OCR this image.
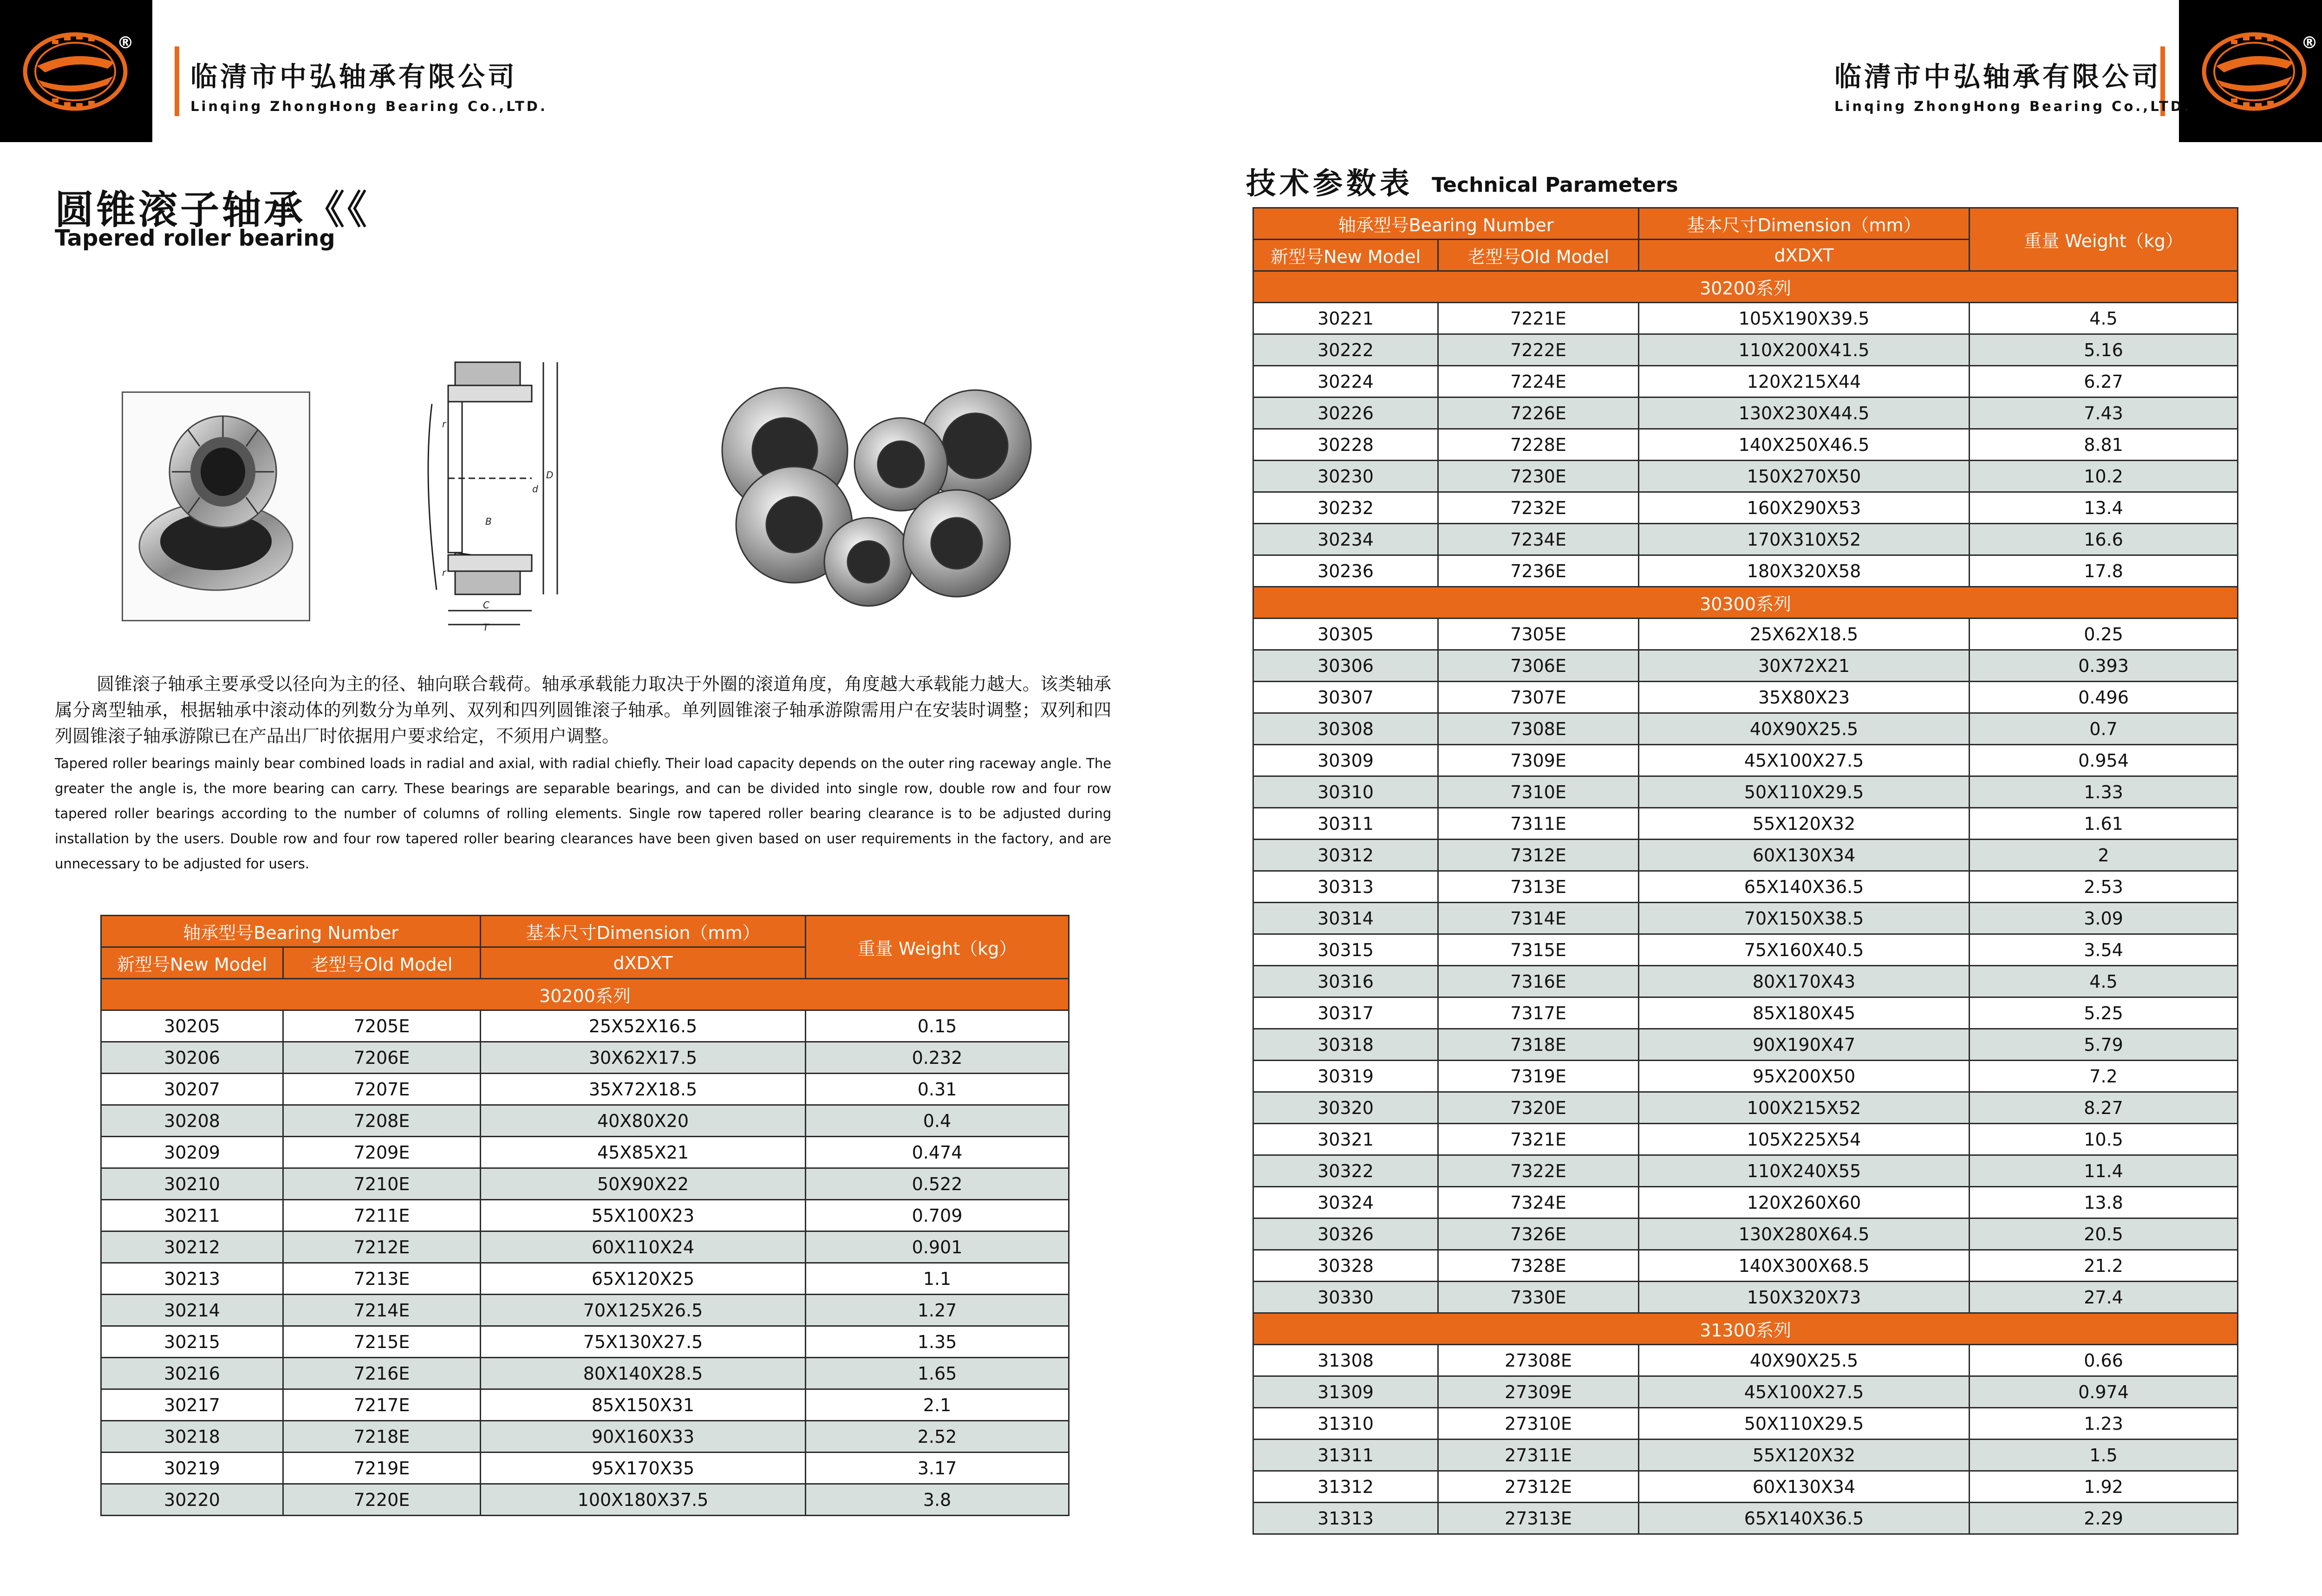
®
临清市中弘轴承有限公司
Linqing ZhongHong Bearing Co.,LTD.
®
临清市中弘轴承有限公司
Linqing ZhongHong Bearing Co.,LTD.
圆锥滚子轴承《《
Tapered roller bearing
B
C
T
D
d
r
r

圆锥滚子轴承主要承受以径向为主的径、轴向联合载荷。轴承承载能力取决于外圈的滚道角度，角度越大承载能力越大。该类轴承属分离型轴承，根据轴承中滚动体的列数分为单列、双列和四列圆锥滚子轴承。单列圆锥滚子轴承游隙需用户在安装时调整；双列和四列圆锥滚子轴承游隙已在产品出厂时依据用户要求给定，不须用户调整。

Tapered roller bearings mainly bear combined loads in radial and axial, with radial chiefly. Their load capacity depends on the outer ring raceway angle. The greater the angle is, the more bearing can carry. These bearings are separable bearings, and can be divided into single row, double row and four row tapered roller bearings according to the number of columns of rolling elements. Single row tapered roller bearing clearance is to be adjusted during installation by the users. Double row and four row tapered roller bearing clearances have been given based on user requirements in the factory, and are unnecessary to be adjusted for users.

技术参数表 Technical Parameters
轴承型号Bearing Number		基本尺寸Dimension（mm）	重量 Weight（kg）
新型号New Model	老型号Old Model	dXDXT	
30200系列			
30205	7205E	25X52X16.5	0.15
30206	7206E	30X62X17.5	0.232
30207	7207E	35X72X18.5	0.31
30208	7208E	40X80X20	0.4
30209	7209E	45X85X21	0.474
30210	7210E	50X90X22	0.522
30211	7211E	55X100X23	0.709
30212	7212E	60X110X24	0.901
30213	7213E	65X120X25	1.1
30214	7214E	70X125X26.5	1.27
30215	7215E	75X130X27.5	1.35
30216	7216E	80X140X28.5	1.65
30217	7217E	85X150X31	2.1
30218	7218E	90X160X33	2.52
30219	7219E	95X170X35	3.17
30220	7220E	100X180X37.5	3.8
轴承型号Bearing Number		基本尺寸Dimension（mm）	重量 Weight（kg）
新型号New Model	老型号Old Model	dXDXT	
30200系列			
30221	7221E	105X190X39.5	4.5
30222	7222E	110X200X41.5	5.16
30224	7224E	120X215X44	6.27
30226	7226E	130X230X44.5	7.43
30228	7228E	140X250X46.5	8.81
30230	7230E	150X270X50	10.2
30232	7232E	160X290X53	13.4
30234	7234E	170X310X52	16.6
30236	7236E	180X320X58	17.8
30300系列			
30305	7305E	25X62X18.5	0.25
30306	7306E	30X72X21	0.393
30307	7307E	35X80X23	0.496
30308	7308E	40X90X25.5	0.7
30309	7309E	45X100X27.5	0.954
30310	7310E	50X110X29.5	1.33
30311	7311E	55X120X32	1.61
30312	7312E	60X130X34	2
30313	7313E	65X140X36.5	2.53
30314	7314E	70X150X38.5	3.09
30315	7315E	75X160X40.5	3.54
30316	7316E	80X170X43	4.5
30317	7317E	85X180X45	5.25
30318	7318E	90X190X47	5.79
30319	7319E	95X200X50	7.2
30320	7320E	100X215X52	8.27
30321	7321E	105X225X54	10.5
30322	7322E	110X240X55	11.4
30324	7324E	120X260X60	13.8
30326	7326E	130X280X64.5	20.5
30328	7328E	140X300X68.5	21.2
30330	7330E	150X320X73	27.4
31300系列			
31308	27308E	40X90X25.5	0.66
31309	27309E	45X100X27.5	0.974
31310	27310E	50X110X29.5	1.23
31311	27311E	55X120X32	1.5
31312	27312E	60X130X34	1.92
31313	27313E	65X140X36.5	2.29
